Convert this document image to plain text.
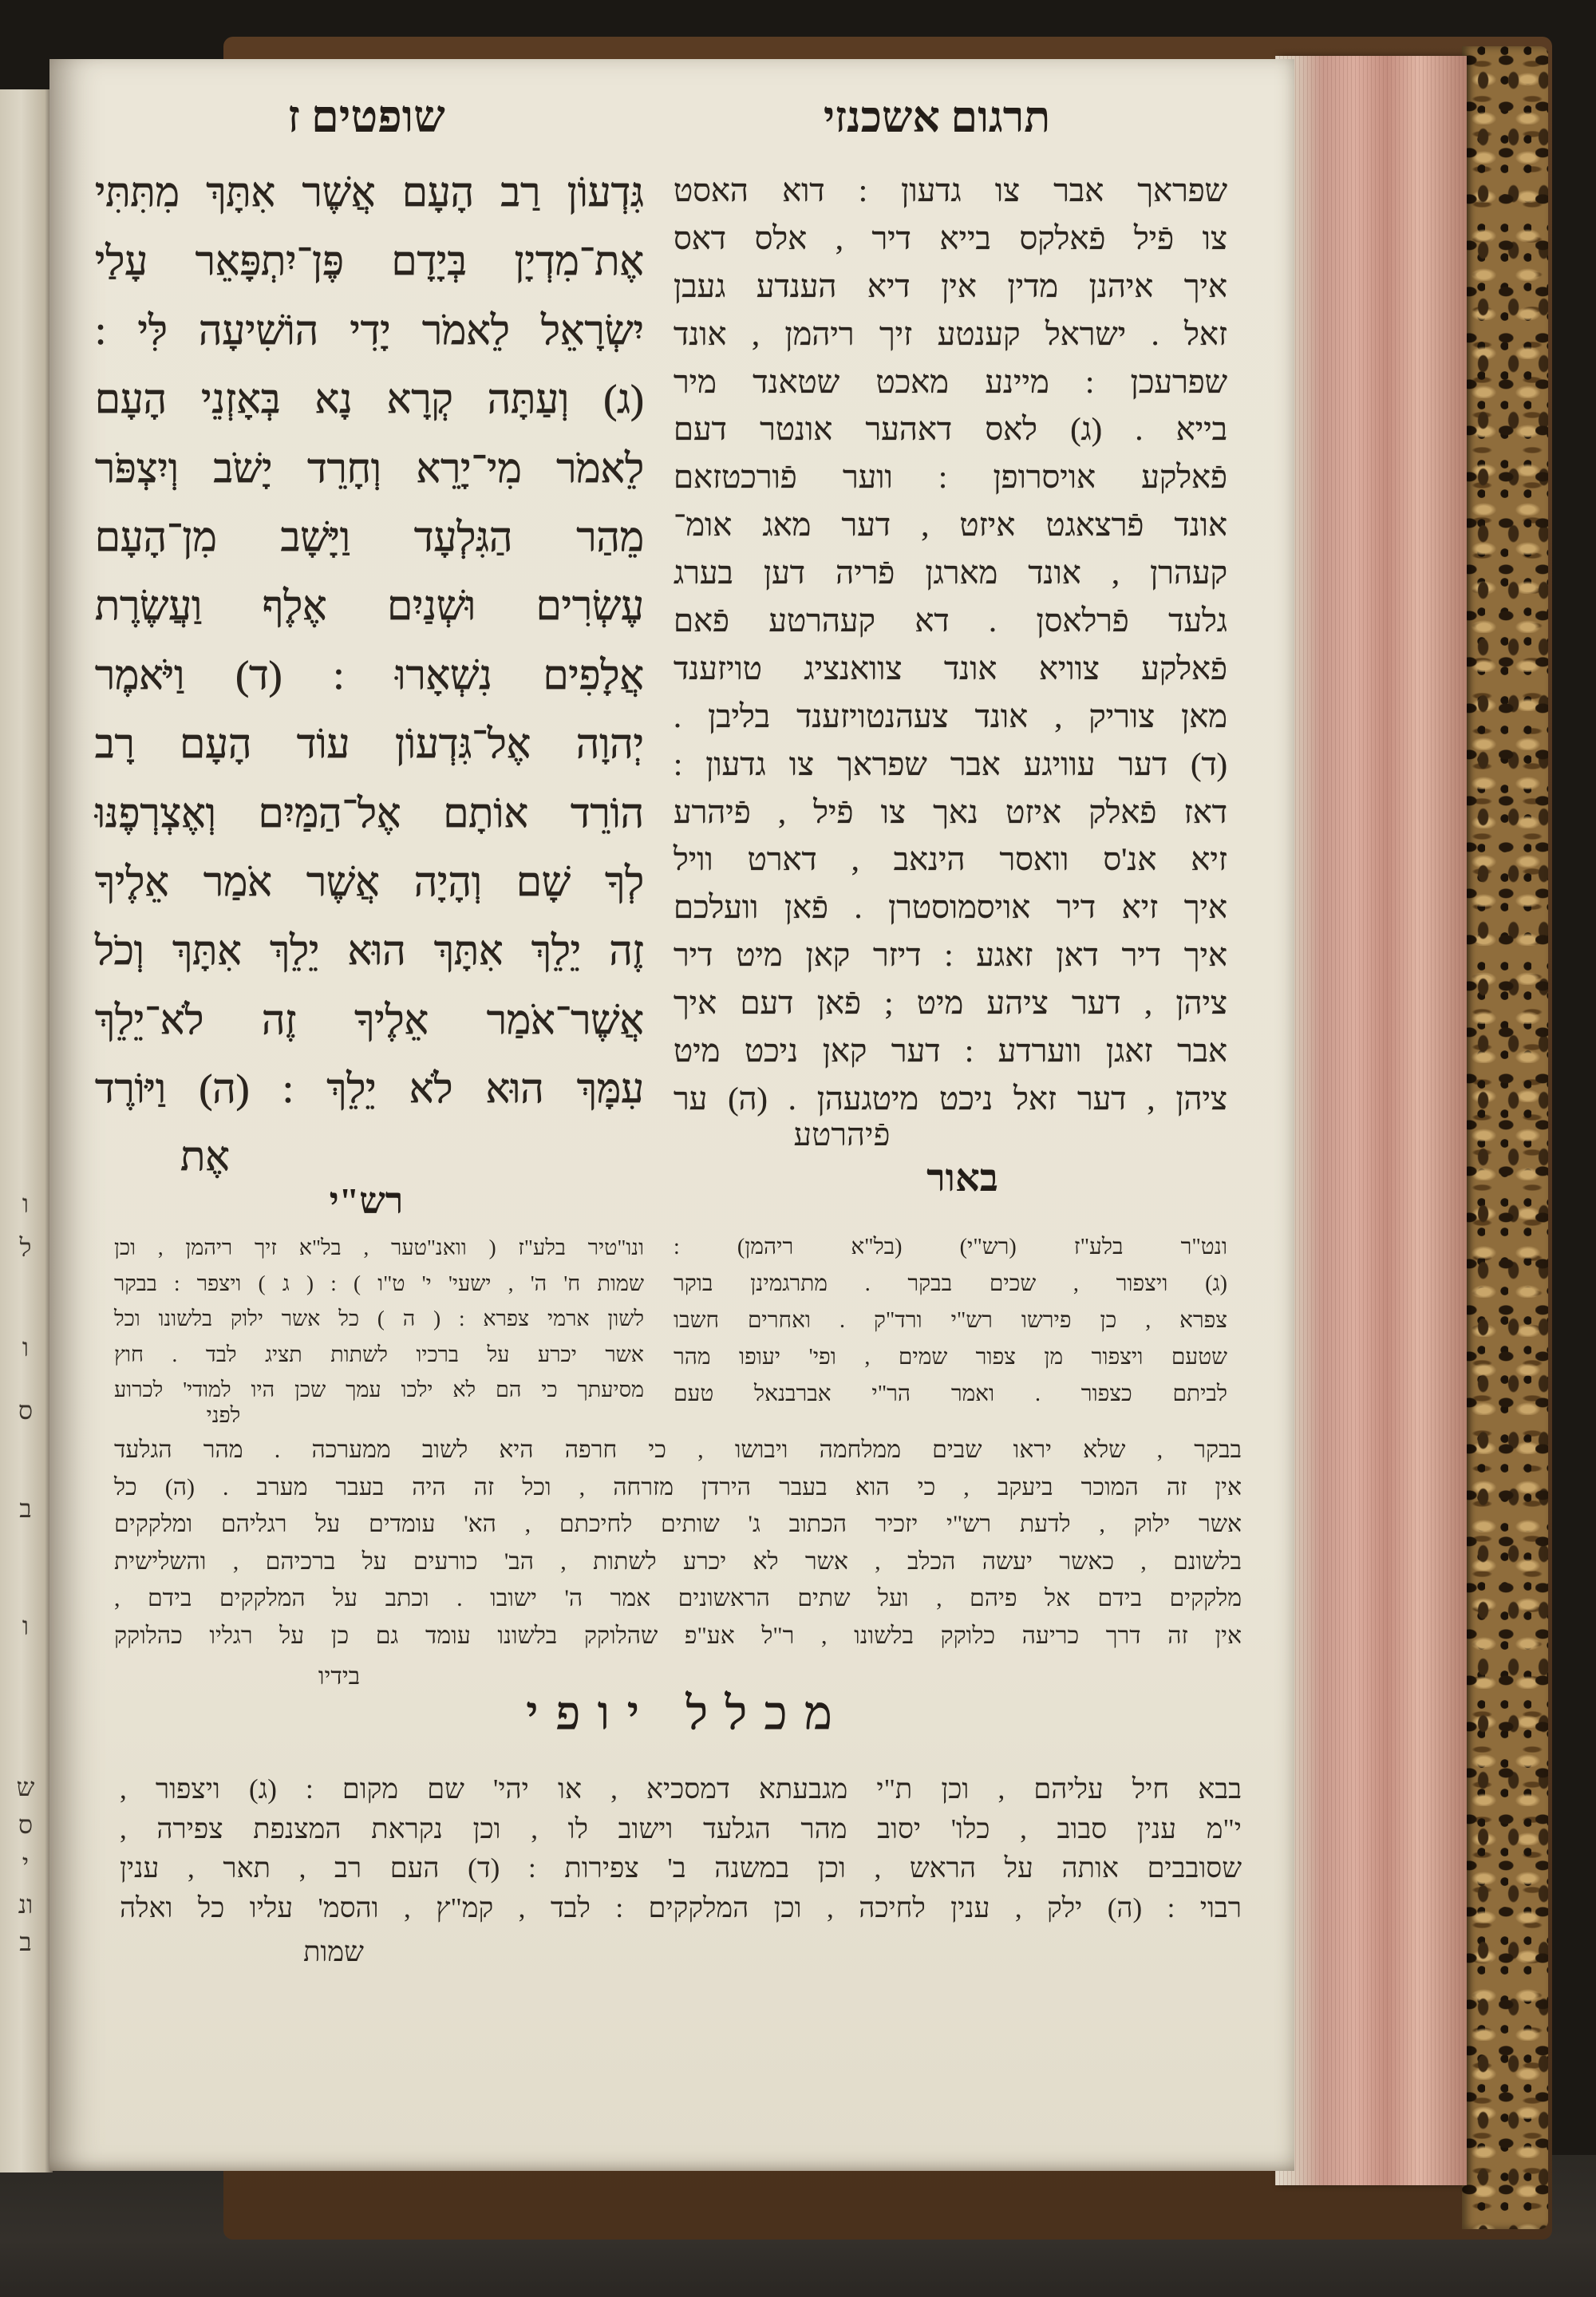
ו
ל
ו
ס
ב
ו
ש
ס
י
ונ
ב
שופטים ז	תרגום אשכנזי
גִּדְעוֹן רַב הָעָם אֲשֶׁר אִתָּךְ מִתִּתִּי
אֶת־מִדְיָן בְּיָדָם פֶּן־יִתְפָּאֵר עָלַי
יִשְׂרָאֵל לֵאמֹר יָדִי הוֹשִׁיעָה לִּי :
(ג) וְעַתָּה קְרָא נָא בְּאָזְנֵי הָעָם
לֵאמֹר מִי־יָרֵא וְחָרֵד יָשֹׁב וְיִצְפֹּר
מֵהַר הַגִּלְעָד וַיָּשָׁב מִן־הָעָם
עֶשְׂרִים וּשְׁנַיִם אֶלֶף וַעֲשֶׂרֶת
אֲלָפִים נִשְׁאָרוּ : (ד) וַיֹּאמֶר
יְהוָה אֶל־גִּדְעוֹן עוֹד הָעָם רָב
הוֹרֵד אוֹתָם אֶל־הַמַּיִם וְאֶצְרְפֶנּוּ
לְךָ שָׁם וְהָיָה אֲשֶׁר אֹמַר אֵלֶיךָ
זֶה יֵלֵךְ אִתָּךְ הוּא יֵלֵךְ אִתָּךְ וְכֹל
אֲשֶׁר־אֹמַר אֵלֶיךָ זֶה לֹא־יֵלֵךְ
עִמָּךְ הוּא לֹא יֵלֵךְ : (ה) וַיּוֹרֶד
אֶת
שפראך אבר צו גדעון : דוא האסט
צו פֿיל פֿאלקס בייא דיר , אלס דאס
איך איהנן מדין אין דיא הענדע געבן
זאל . ישראל קענטע זיך ריהמן , אונד
שפרעכן : מיינע מאכט שטאנד מיר
בייא . (ג) לאס דאהער אונטר דעם
פֿאלקע אויסרופן : ווער פֿורכטזאם
אונד פֿרצאגט איזט , דער מאג אומ־
קעהרן , אונד מארגן פֿריה דען בערג
גלעד פֿרלאסן . דא קעהרטע פֿאם
פֿאלקע צוויא אונד צוואנציג טויזענד
מאן צוריק , אונד צעהנטויזענד בליבן .
(ד) דער עוויגע אבר שפראך צו גדעון :
דאז פֿאלק איזט נאך צו פֿיל , פֿיהרע
זיא אנ'ס וואסר הינאב , דארט וויל
איך זיא דיר אויסמוסטרן . פֿאן וועלכם
איך דיר דאן זאגע : דיזר קאן מיט דיר
ציהן , דער ציהע מיט ; פֿאן דעם איך
אבר זאגן ווערדע : דער קאן ניכט מיט
ציהן , דער זאל ניכט מיטגעהן . (ה) ער
פֿיהרטע
באור
רש"י
ונו"טיר בלע"ז ( וואנ"טער , בל"א זיך ריהמן , וכן
שמות ח' ה' , ישעי' י' ט"ו ) : ( ג ) ויצפר : בבקר
לשון ארמי צפרא : ( ה ) כל אשר ילוק בלשונו וכל
אשר יכרע על ברכיו לשתות תציג לבד . חוץ
מסיעתך כי הם לא ילכו עמך שכן היו למודי' לכרוע
לפני
ונט"ר בלע"ז (רש"י) (בל"א ריהמן) :
(ג) ויצפור , שכים בבקר . מתרגמינן בוקר
צפרא , כן פירשו רש"י ורד"ק . ואחרים חשבו
שטעם ויצפור מן צפור שמים , ופי' יעופו מהר
לביתם כצפור . ואמר הר"י אברבנאל טעם
בבקר , שלא יראו שבים ממלחמה ויבושו , כי חרפה היא לשוב ממערכה . מהר הגלעד
אין זה המוכר ביעקב , כי הוא בעבר הירדן מזרחה , וכל זה היה בעבר מערב . (ה) כל
אשר ילוק , לדעת רש"י יזכיר הכתוב ג' שותים לחיכתם , הא' עומדים על רגליהם ומלקקים
בלשונם , כאשר יעשה הכלב , אשר לא יכרע לשתות , הב' כורעים על ברכיהם , והשלישית
מלקקים בידם אל פיהם , ועל שתים הראשונים אמר ה' ישובו . וכתב על המלקקים בידם ,
אין זה דרך כריעה כלוקק בלשונו , ר"ל אע"פ שהלוקק בלשונו עומד גם כן על רגליו כהלוקק
בידיו
מכלל יופי
בבא חיל עליהם , וכן ת"י מגבעתא דמסכיא , או יהי' שם מקום : (ג) ויצפור ,
י"מ ענין סבוב , כלו' יסוב מהר הגלעד וישוב לו , וכן נקראת המצנפת צפירה ,
שסובבים אותה על הראש , וכן במשנה ב' צפירות : (ד) העם רב , תאר , ענין
רבוי : (ה) ילק , ענין לחיכה , וכן המלקקים : לבד , קמ"ץ , והסמ' עליו כל ואלה
שמות
